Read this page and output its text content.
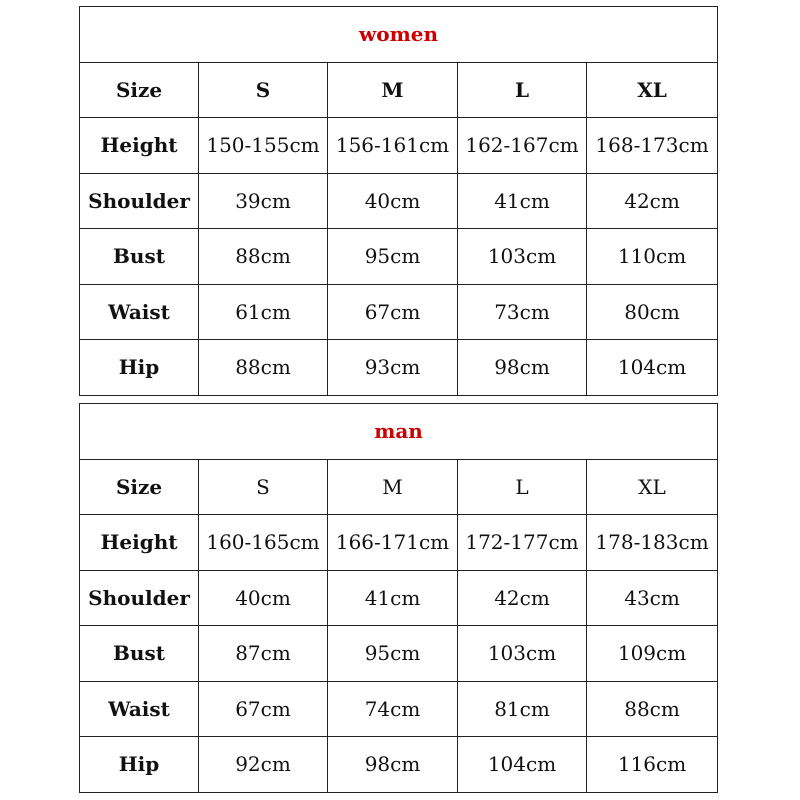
women				
Size	S	M	L	XL
Height	150-155cm	156-161cm	162-167cm	168-173cm
Shoulder	39cm	40cm	41cm	42cm
Bust	88cm	95cm	103cm	110cm
Waist	61cm	67cm	73cm	80cm
Hip	88cm	93cm	98cm	104cm
man				
Size	S	M	L	XL
Height	160-165cm	166-171cm	172-177cm	178-183cm
Shoulder	40cm	41cm	42cm	43cm
Bust	87cm	95cm	103cm	109cm
Waist	67cm	74cm	81cm	88cm
Hip	92cm	98cm	104cm	116cm
